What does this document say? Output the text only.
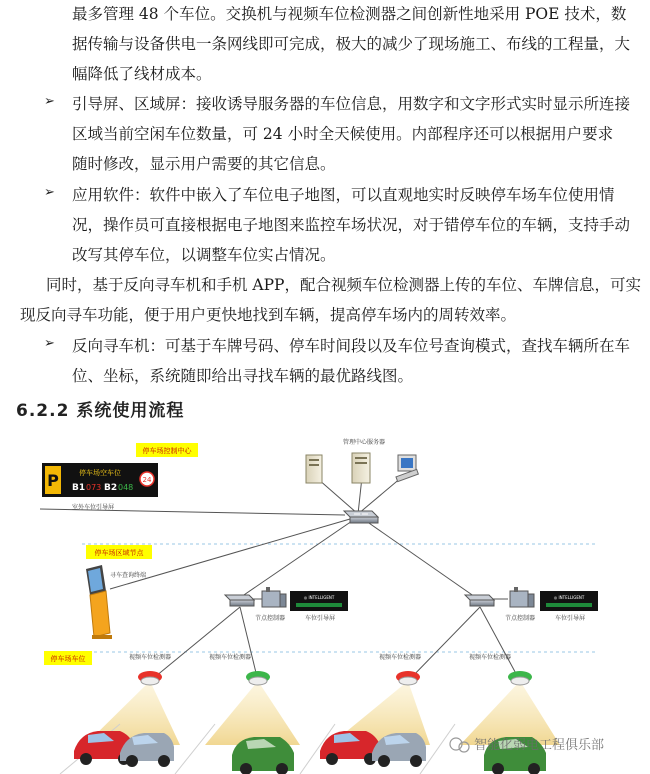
最多管理 48 个车位。交换机与视频车位检测器之间创新性地采用 POE 技术，数
据传输与设备供电一条网线即可完成，极大的减少了现场施工、布线的工程量，大
幅降低了线材成本。
引导屏、区域屏：接收诱导服务器的车位信息，用数字和文字形式实时显示所连接
区域当前空闲车位数量，可 24 小时全天候使用。内部程序还可以根据用户要求
随时修改，显示用户需要的其它信息。
应用软件：软件中嵌入了车位电子地图，可以直观地实时反映停车场车位使用情
况，操作员可直接根据电子地图来监控车场状况，对于错停车位的车辆，支持手动
改写其停车位，以调整车位实占情况。
同时，基于反向寻车机和手机 APP，配合视频车位检测器上传的车位、车牌信息，可实
现反向寻车功能，便于用户更快地找到车辆，提高停车场内的周转效率。
反向寻车机：可基于车牌号码、停车时间段以及车位号查询模式，查找车辆所在车
位、坐标，系统随即给出寻找车辆的最优路线图。
➢
➢
➢
6.2.2 系统使用流程
停车场控制中心
P	停车场空车位
B1 073 B2 048
24
室外车位引导屏
管理中心服务器
停车场区域节点
寻车查询终端
节点控制器
◎ INTELLIGENT
车位引导屏	节点控制器
◎ INTELLIGENT
车位引导屏
停车场车位	视频车位检测器	视频车位检测器	视频车位检测器	视频车位检测器
智能化弱电工程俱乐部
